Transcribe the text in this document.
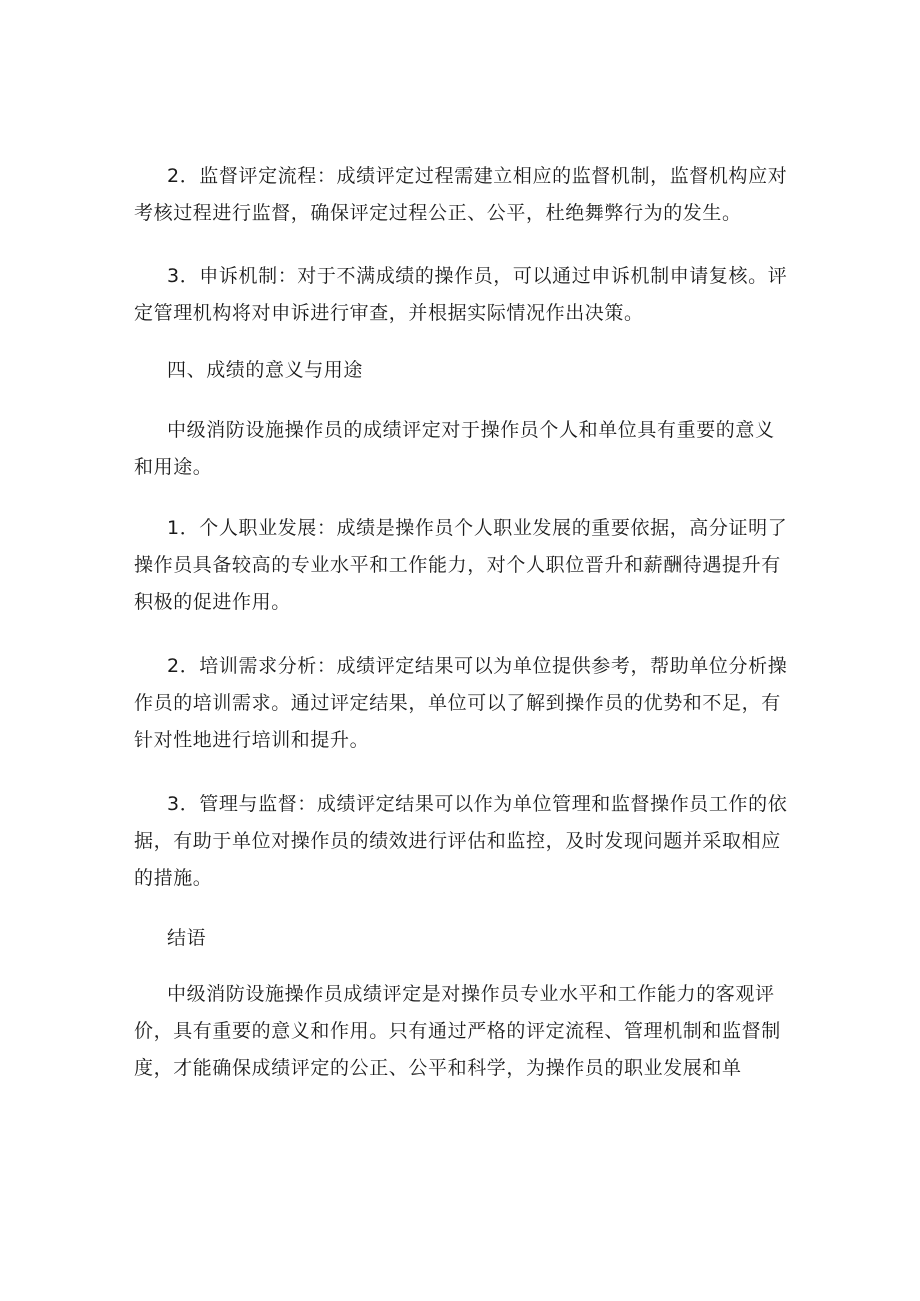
2．监督评定流程：成绩评定过程需建立相应的监督机制，监督机构应对考核过程进行监督，确保评定过程公正、公平，杜绝舞弊行为的发生。

3．申诉机制：对于不满成绩的操作员，可以通过申诉机制申请复核。评定管理机构将对申诉进行审查，并根据实际情况作出决策。

四、成绩的意义与用途

中级消防设施操作员的成绩评定对于操作员个人和单位具有重要的意义和用途。

1．个人职业发展：成绩是操作员个人职业发展的重要依据，高分证明了操作员具备较高的专业水平和工作能力，对个人职位晋升和薪酬待遇提升有积极的促进作用。

2．培训需求分析：成绩评定结果可以为单位提供参考，帮助单位分析操作员的培训需求。通过评定结果，单位可以了解到操作员的优势和不足，有针对性地进行培训和提升。

3．管理与监督：成绩评定结果可以作为单位管理和监督操作员工作的依据，有助于单位对操作员的绩效进行评估和监控，及时发现问题并采取相应的措施。

结语

中级消防设施操作员成绩评定是对操作员专业水平和工作能力的客观评价，具有重要的意义和作用。只有通过严格的评定流程、管理机制和监督制度，才能确保成绩评定的公正、公平和科学，为操作员的职业发展和单
